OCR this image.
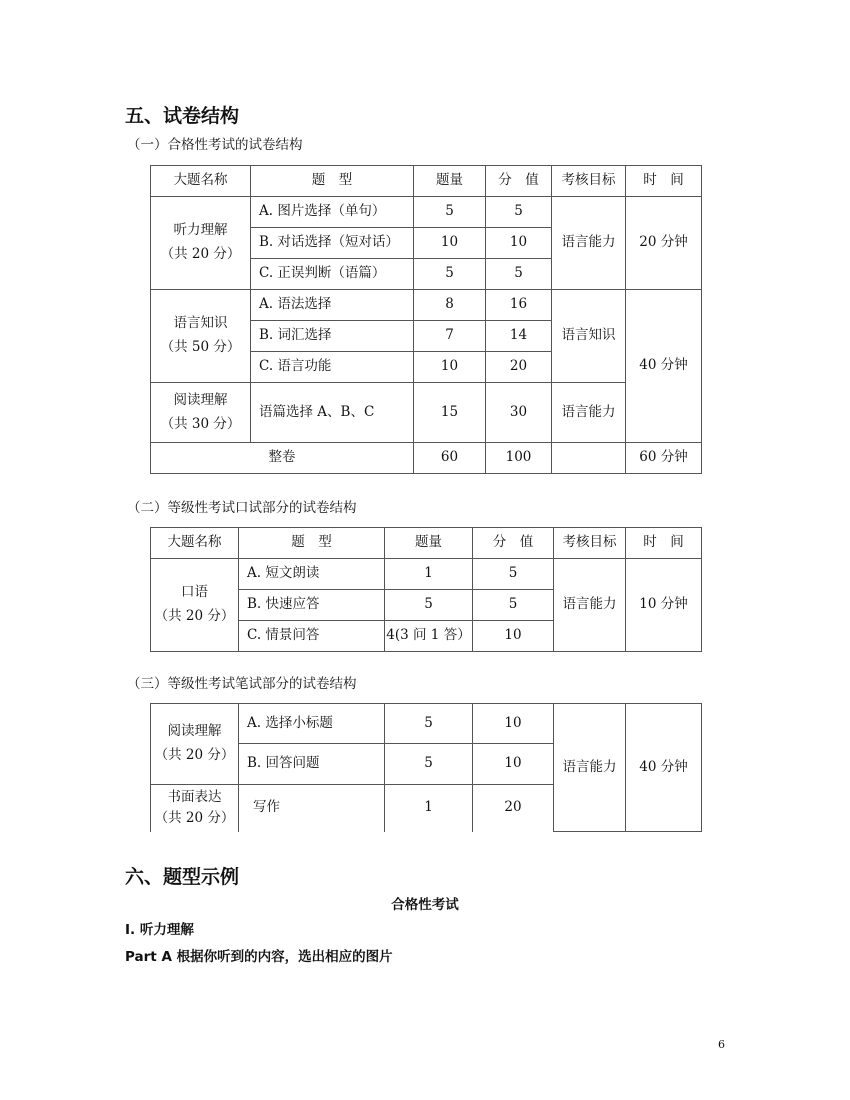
五、试卷结构
（一）合格性考试的试卷结构
大题名称	题　型	题量	分　值	考核目标	时　间

听力理解
（共 20 分）	A. 图片选择（单句）	5	5	语言能力	20 分钟
	B. 对话选择（短对话）	10	10		
	C. 正误判断（语篇）	5	5		

语言知识
（共 50 分）	A. 语法选择	8	16	语言知识	40 分钟
	B. 词汇选择	7	14		
	C. 语言功能	10	20		

阅读理解
（共 30 分）	语篇选择 A、B、C	15	30	语言能力	
整卷		60	100		60 分钟
（二）等级性考试口试部分的试卷结构
大题名称	题　型	题量	分　值	考核目标	时　间

口语
（共 20 分）	A. 短文朗读	1	5	语言能力	10 分钟
	B. 快速应答	5	5		
	C. 情景问答	4(3 问 1 答）	10		
（三）等级性考试笔试部分的试卷结构
阅读理解
（共 20 分）	A. 选择小标题	5	10	语言能力	40 分钟
	B. 回答问题	5	10		

书面表达
（共 20 分）	写作	1	20		
六、题型示例
合格性考试
I. 听力理解
Part A 根据你听到的内容，选出相应的图片
6
